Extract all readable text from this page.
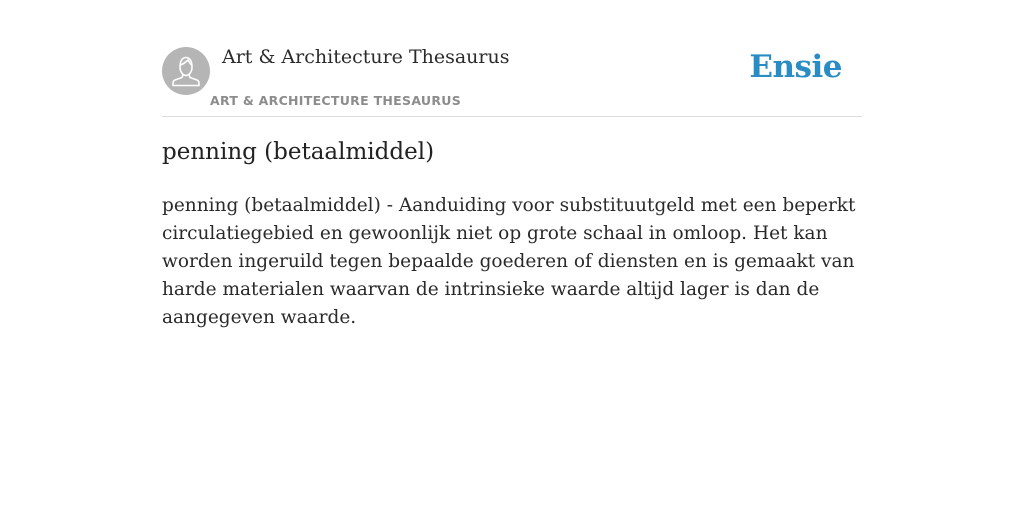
Art & Architecture Thesaurus
ART & ARCHITECTURE THESAURUS
Ensie
penning (betaalmiddel)

penning (betaalmiddel) - Aanduiding voor substituutgeld met een beperkt circulatiegebied en gewoonlijk niet op grote schaal in omloop. Het kan worden ingeruild tegen bepaalde goederen of diensten en is gemaakt van harde materialen waarvan de intrinsieke waarde altijd lager is dan de aangegeven waarde.
